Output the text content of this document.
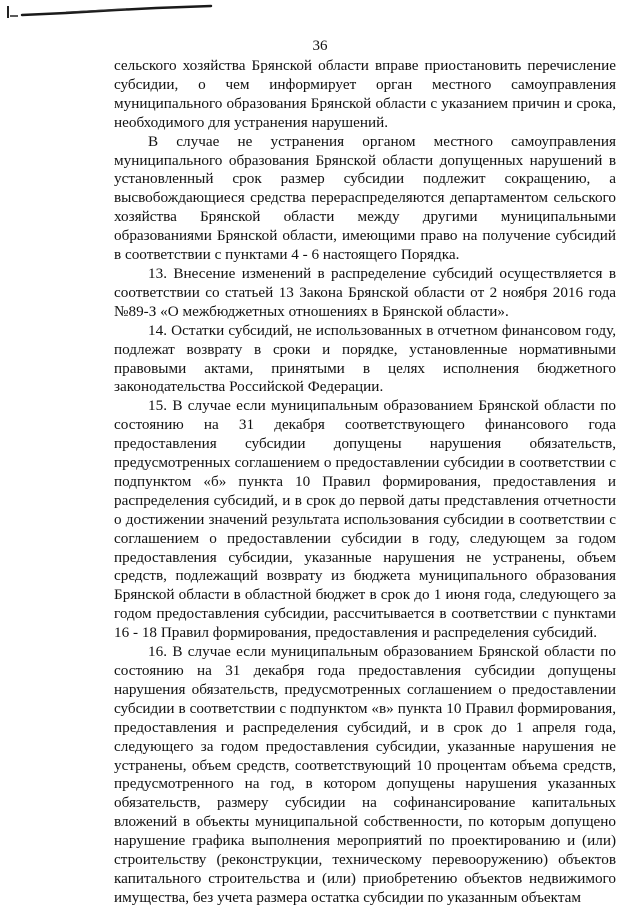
36

сельского хозяйства Брянской области вправе приостановить перечисление субсидии, о чем информирует орган местного самоуправления муниципального образования Брянской области с указанием причин и срока, необходимого для устранения нарушений.

В случае не устранения органом местного самоуправления муниципального образования Брянской области допущенных нарушений в установленный срок размер субсидии подлежит сокращению, а высвобождающиеся средства перераспределяются департаментом сельского хозяйства Брянской области между другими муниципальными образованиями Брянской области, имеющими право на получение субсидий в соответствии с пунктами 4 - 6 настоящего Порядка.

13. Внесение изменений в распределение субсидий осуществляется в соответствии со статьей 13 Закона Брянской области от 2 ноября 2016 года №89-З «О межбюджетных отношениях в Брянской области».

14. Остатки субсидий, не использованных в отчетном финансовом году, подлежат возврату в сроки и порядке, установленные нормативными правовыми актами, принятыми в целях исполнения бюджетного законодательства Российской Федерации.

15. В случае если муниципальным образованием Брянской области по состоянию на 31 декабря соответствующего финансового года предоставления субсидии допущены нарушения обязательств, предусмотренных соглашением о предоставлении субсидии в соответствии с подпунктом «б» пункта 10 Правил формирования, предоставления и распределения субсидий, и в срок до первой даты представления отчетности о достижении значений результата использования субсидии в соответствии с соглашением о предоставлении субсидии в году, следующем за годом предоставления субсидии, указанные нарушения не устранены, объем средств, подлежащий возврату из бюджета муниципального образования Брянской области в областной бюджет в срок до 1 июня года, следующего за годом предоставления субсидии, рассчитывается в соответствии с пунктами 16 - 18 Правил формирования, предоставления и распределения субсидий.

16. В случае если муниципальным образованием Брянской области по состоянию на 31 декабря года предоставления субсидии допущены нарушения обязательств, предусмотренных соглашением о предоставлении субсидии в соответствии с подпунктом «в» пункта 10 Правил формирования, предоставления и распределения субсидий, и в срок до 1 апреля года, следующего за годом предоставления субсидии, указанные нарушения не устранены, объем средств, соответствующий 10 процентам объема средств, предусмотренного на год, в котором допущены нарушения указанных обязательств, размеру субсидии на софинансирование капитальных вложений в объекты муниципальной собственности, по которым допущено нарушение графика выполнения мероприятий по проектированию и (или) строительству (реконструкции, техническому перевооружению) объектов капитального строительства и (или) приобретению объектов недвижимого имущества, без учета размера остатка субсидии по указанным объектам
